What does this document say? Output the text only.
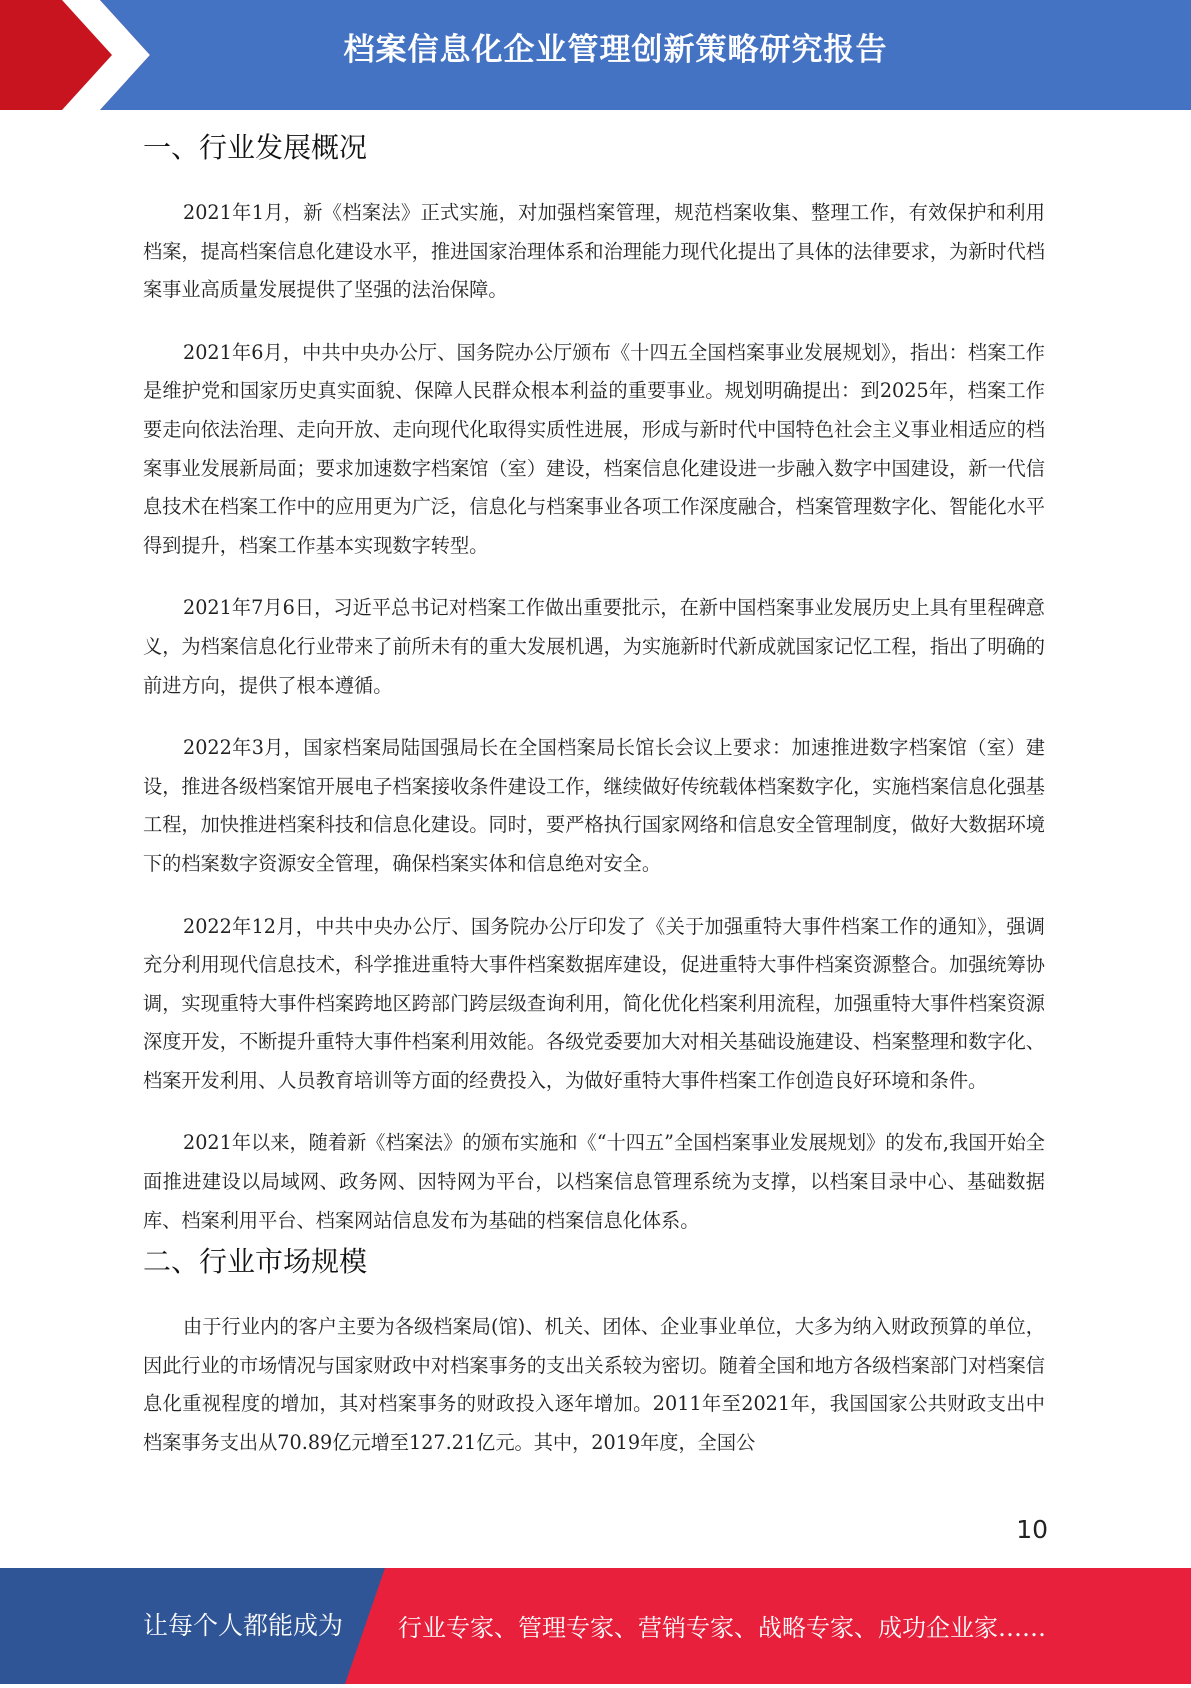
档案信息化企业管理创新策略研究报告
一、行业发展概况

2021年1月，新《档案法》正式实施，对加强档案管理，规范档案收集、整理工作，有效保护和利用档案，提高档案信息化建设水平，推进国家治理体系和治理能力现代化提出了具体的法律要求，为新时代档案事业高质量发展提供了坚强的法治保障。

2021年6月，中共中央办公厅、国务院办公厅颁布《十四五全国档案事业发展规划》，指出：档案工作是维护党和国家历史真实面貌、保障人民群众根本利益的重要事业。规划明确提出：到2025年，档案工作要走向依法治理、走向开放、走向现代化取得实质性进展，形成与新时代中国特色社会主义事业相适应的档案事业发展新局面；要求加速数字档案馆（室）建设，档案信息化建设进一步融入数字中国建设，新一代信息技术在档案工作中的应用更为广泛，信息化与档案事业各项工作深度融合，档案管理数字化、智能化水平得到提升，档案工作基本实现数字转型。

2021年7月6日，习近平总书记对档案工作做出重要批示，在新中国档案事业发展历史上具有里程碑意义，为档案信息化行业带来了前所未有的重大发展机遇，为实施新时代新成就国家记忆工程，指出了明确的前进方向，提供了根本遵循。

2022年3月，国家档案局陆国强局长在全国档案局长馆长会议上要求：加速推进数字档案馆（室）建设，推进各级档案馆开展电子档案接收条件建设工作，继续做好传统载体档案数字化，实施档案信息化强基工程，加快推进档案科技和信息化建设。同时，要严格执行国家网络和信息安全管理制度，做好大数据环境下的档案数字资源安全管理，确保档案实体和信息绝对安全。

2022年12月，中共中央办公厅、国务院办公厅印发了《关于加强重特大事件档案工作的通知》，强调充分利用现代信息技术，科学推进重特大事件档案数据库建设，促进重特大事件档案资源整合。加强统筹协调，实现重特大事件档案跨地区跨部门跨层级查询利用，简化优化档案利用流程，加强重特大事件档案资源深度开发，不断提升重特大事件档案利用效能。各级党委要加大对相关基础设施建设、档案整理和数字化、档案开发利用、人员教育培训等方面的经费投入，为做好重特大事件档案工作创造良好环境和条件。

2021年以来，随着新《档案法》的颁布实施和《“十四五”全国档案事业发展规划》的发布,我国开始全面推进建设以局域网、政务网、因特网为平台，以档案信息管理系统为支撑，以档案目录中心、基础数据库、档案利用平台、档案网站信息发布为基础的档案信息化体系。

二、行业市场规模

由于行业内的客户主要为各级档案局(馆)、机关、团体、企业事业单位，大多为纳入财政预算的单位，因此行业的市场情况与国家财政中对档案事务的支出关系较为密切。随着全国和地方各级档案部门对档案信息化重视程度的增加，其对档案事务的财政投入逐年增加。2011年至2021年，我国国家公共财政支出中档案事务支出从70.89亿元增至127.21亿元。其中，2019年度，全国公

10
让每个人都能成为 行业专家、管理专家、营销专家、战略专家、成功企业家……
